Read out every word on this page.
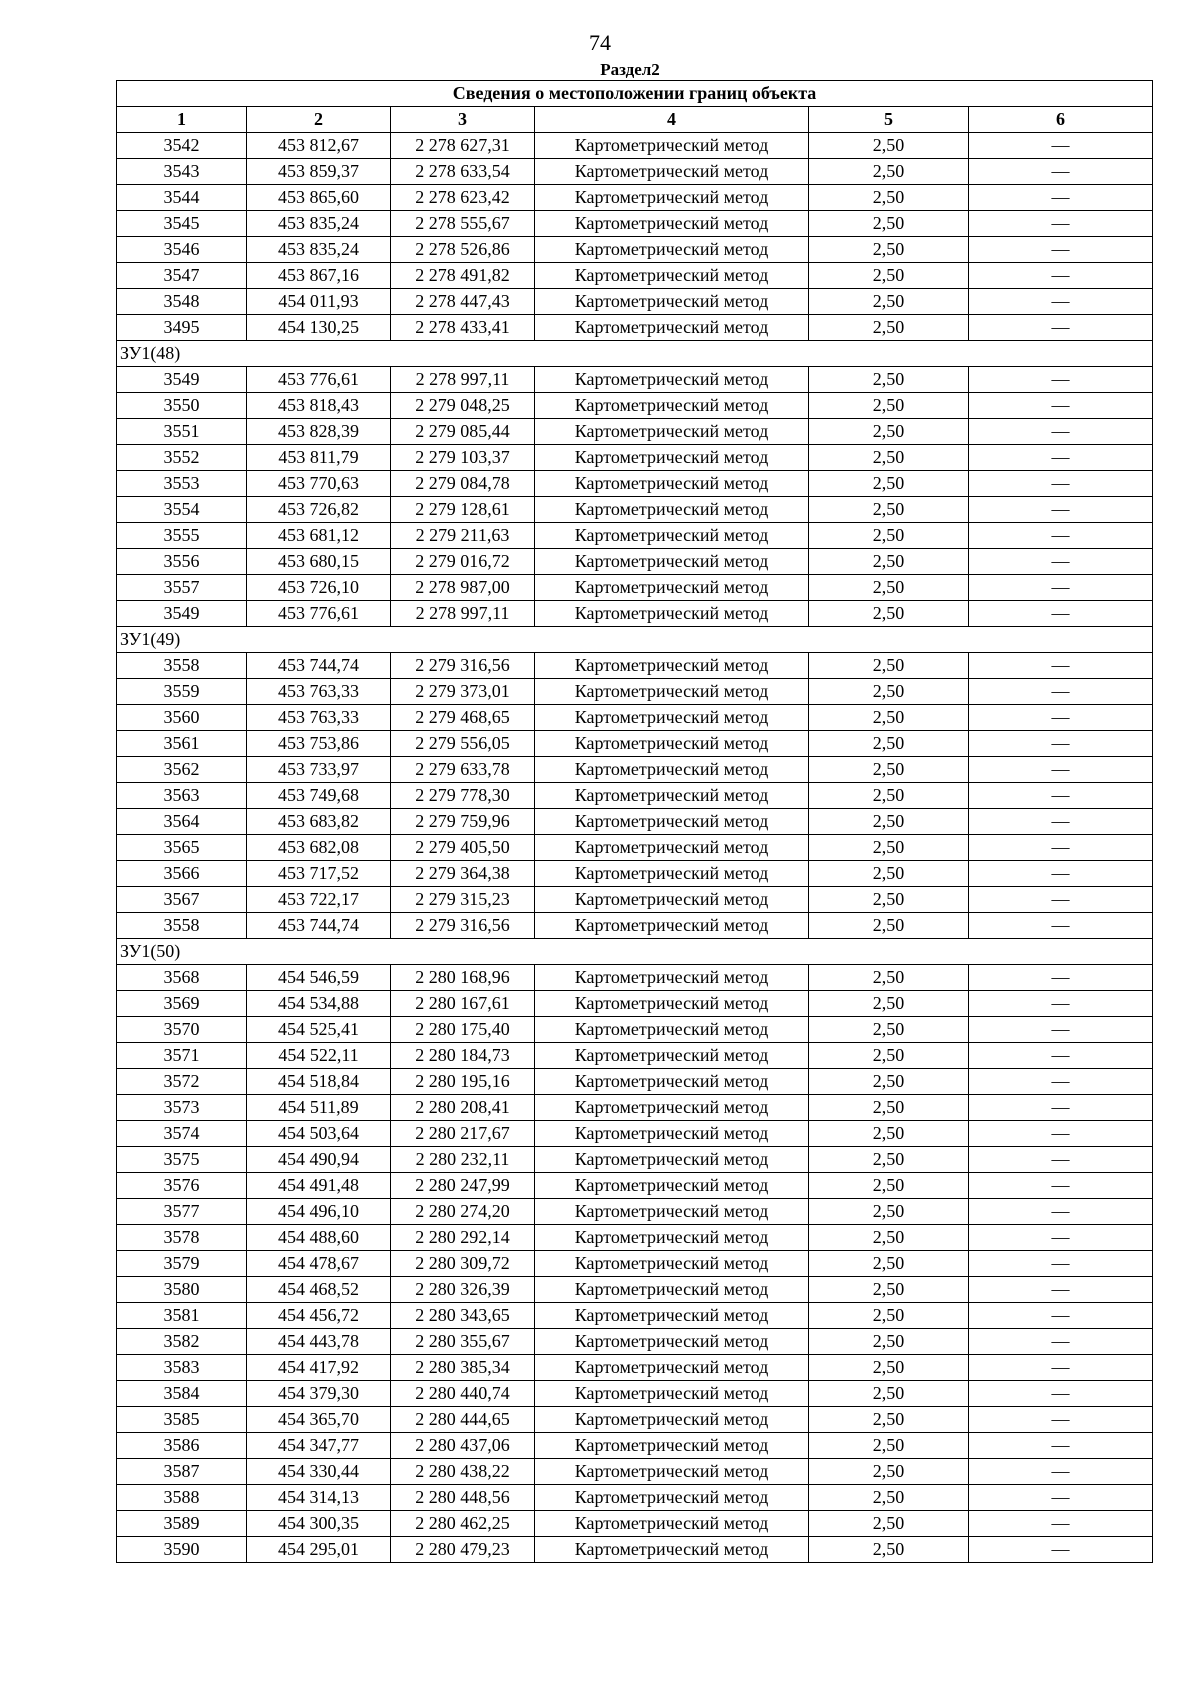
74
Раздел2
Сведения о местоположении границ объекта					
1	2	3	4	5	6
3542	453 812,67	2 278 627,31	Картометрический метод	2,50	—
3543	453 859,37	2 278 633,54	Картометрический метод	2,50	—
3544	453 865,60	2 278 623,42	Картометрический метод	2,50	—
3545	453 835,24	2 278 555,67	Картометрический метод	2,50	—
3546	453 835,24	2 278 526,86	Картометрический метод	2,50	—
3547	453 867,16	2 278 491,82	Картометрический метод	2,50	—
3548	454 011,93	2 278 447,43	Картометрический метод	2,50	—
3495	454 130,25	2 278 433,41	Картометрический метод	2,50	—
ЗУ1(48)					
3549	453 776,61	2 278 997,11	Картометрический метод	2,50	—
3550	453 818,43	2 279 048,25	Картометрический метод	2,50	—
3551	453 828,39	2 279 085,44	Картометрический метод	2,50	—
3552	453 811,79	2 279 103,37	Картометрический метод	2,50	—
3553	453 770,63	2 279 084,78	Картометрический метод	2,50	—
3554	453 726,82	2 279 128,61	Картометрический метод	2,50	—
3555	453 681,12	2 279 211,63	Картометрический метод	2,50	—
3556	453 680,15	2 279 016,72	Картометрический метод	2,50	—
3557	453 726,10	2 278 987,00	Картометрический метод	2,50	—
3549	453 776,61	2 278 997,11	Картометрический метод	2,50	—
ЗУ1(49)					
3558	453 744,74	2 279 316,56	Картометрический метод	2,50	—
3559	453 763,33	2 279 373,01	Картометрический метод	2,50	—
3560	453 763,33	2 279 468,65	Картометрический метод	2,50	—
3561	453 753,86	2 279 556,05	Картометрический метод	2,50	—
3562	453 733,97	2 279 633,78	Картометрический метод	2,50	—
3563	453 749,68	2 279 778,30	Картометрический метод	2,50	—
3564	453 683,82	2 279 759,96	Картометрический метод	2,50	—
3565	453 682,08	2 279 405,50	Картометрический метод	2,50	—
3566	453 717,52	2 279 364,38	Картометрический метод	2,50	—
3567	453 722,17	2 279 315,23	Картометрический метод	2,50	—
3558	453 744,74	2 279 316,56	Картометрический метод	2,50	—
ЗУ1(50)					
3568	454 546,59	2 280 168,96	Картометрический метод	2,50	—
3569	454 534,88	2 280 167,61	Картометрический метод	2,50	—
3570	454 525,41	2 280 175,40	Картометрический метод	2,50	—
3571	454 522,11	2 280 184,73	Картометрический метод	2,50	—
3572	454 518,84	2 280 195,16	Картометрический метод	2,50	—
3573	454 511,89	2 280 208,41	Картометрический метод	2,50	—
3574	454 503,64	2 280 217,67	Картометрический метод	2,50	—
3575	454 490,94	2 280 232,11	Картометрический метод	2,50	—
3576	454 491,48	2 280 247,99	Картометрический метод	2,50	—
3577	454 496,10	2 280 274,20	Картометрический метод	2,50	—
3578	454 488,60	2 280 292,14	Картометрический метод	2,50	—
3579	454 478,67	2 280 309,72	Картометрический метод	2,50	—
3580	454 468,52	2 280 326,39	Картометрический метод	2,50	—
3581	454 456,72	2 280 343,65	Картометрический метод	2,50	—
3582	454 443,78	2 280 355,67	Картометрический метод	2,50	—
3583	454 417,92	2 280 385,34	Картометрический метод	2,50	—
3584	454 379,30	2 280 440,74	Картометрический метод	2,50	—
3585	454 365,70	2 280 444,65	Картометрический метод	2,50	—
3586	454 347,77	2 280 437,06	Картометрический метод	2,50	—
3587	454 330,44	2 280 438,22	Картометрический метод	2,50	—
3588	454 314,13	2 280 448,56	Картометрический метод	2,50	—
3589	454 300,35	2 280 462,25	Картометрический метод	2,50	—
3590	454 295,01	2 280 479,23	Картометрический метод	2,50	—
